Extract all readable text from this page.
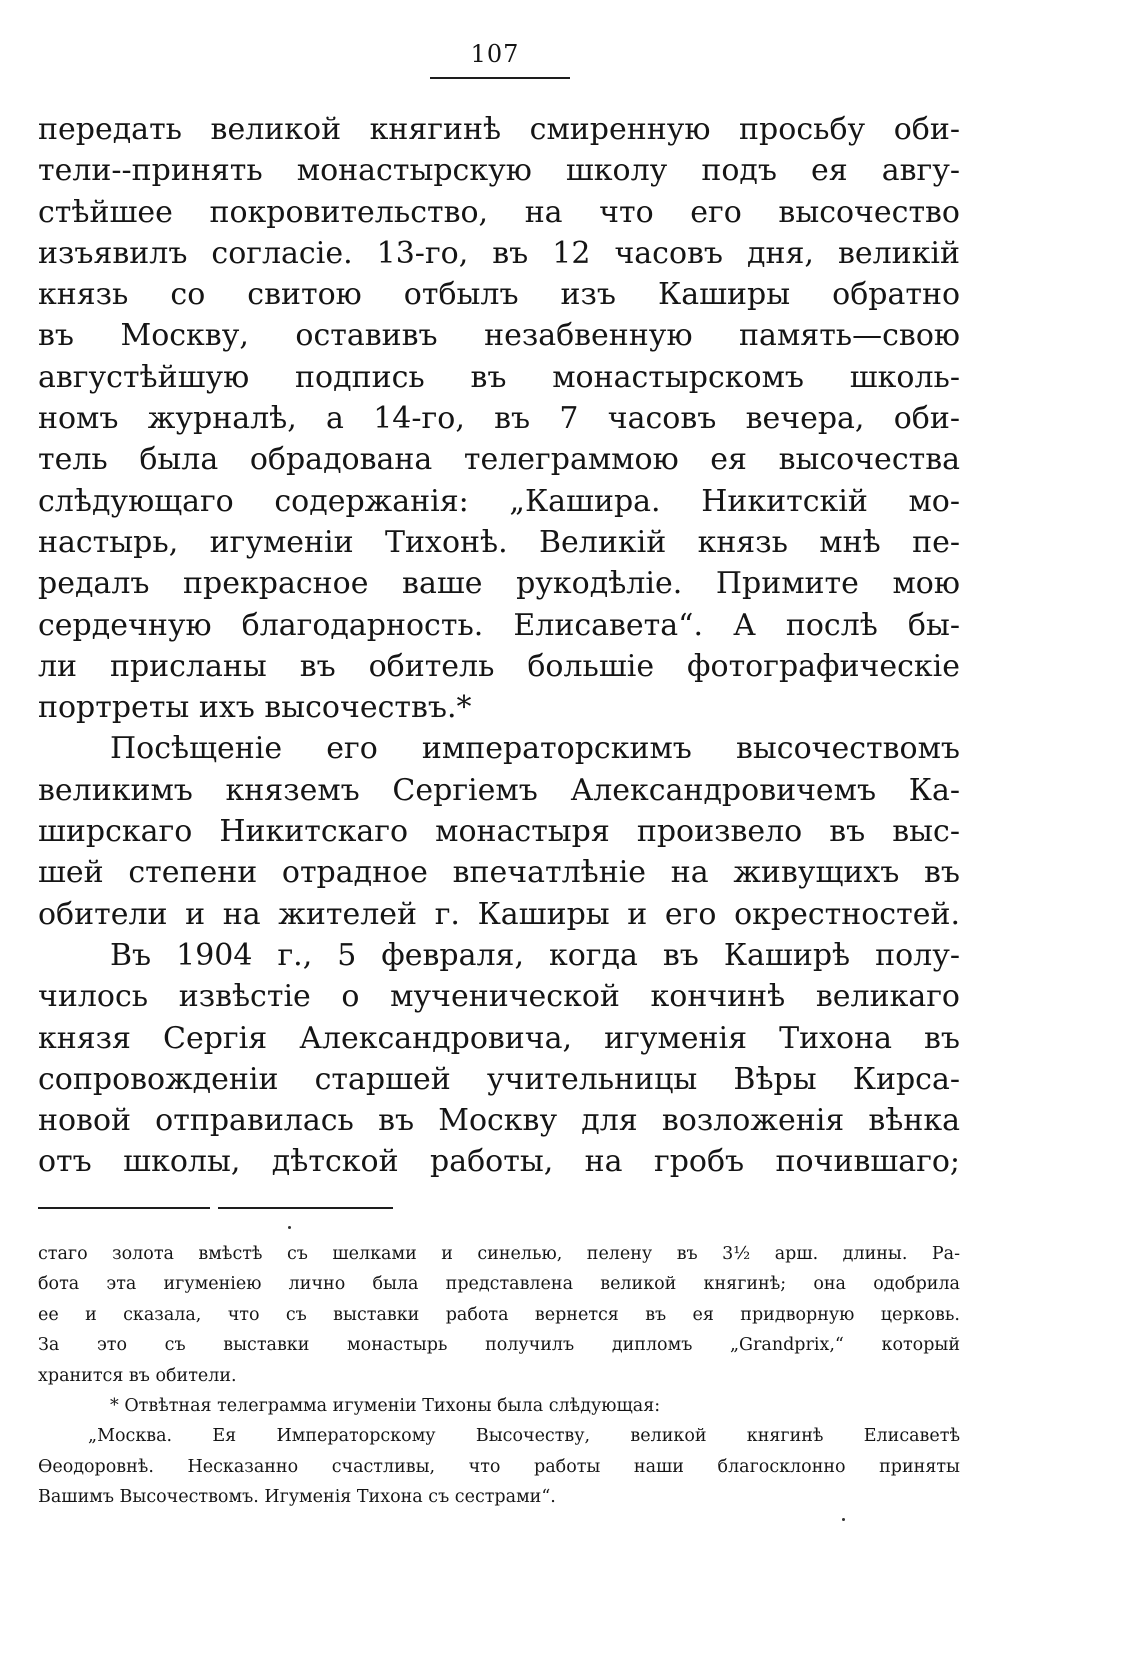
107
передать великой княгинѣ смиренную просьбу оби-
тели--принять монастырскую школу подъ ея авгу-
стѣйшее покровительство, на что его высочество
изъявилъ согласіе. 13-го, въ 12 часовъ дня, великій
князь со свитою отбылъ изъ Каширы обратно
въ Москву, оставивъ незабвенную память—свою
августѣйшую подпись въ монастырскомъ школь-
номъ журналѣ, а 14-го, въ 7 часовъ вечера, оби-
тель была обрадована телеграммою ея высочества
слѣдующаго содержанія: „Кашира. Никитскій мо-
настырь, игуменіи Тихонѣ. Великій князь мнѣ пе-
редалъ прекрасное ваше рукодѣліе. Примите мою
сердечную благодарность. Елисавета“. А послѣ бы-
ли присланы въ обитель большіе фотографическіе
портреты ихъ высочествъ.*
Посѣщеніе его императорскимъ высочествомъ
великимъ княземъ Сергіемъ Александровичемъ Ка-
ширскаго Никитскаго монастыря произвело въ выс-
шей степени отрадное впечатлѣніе на живущихъ въ
обители и на жителей г. Каширы и его окрестностей.
Въ 1904 г., 5 февраля, когда въ Каширѣ полу-
чилось извѣстіе о мученической кончинѣ великаго
князя Сергія Александровича, игуменія Тихона въ
сопровожденіи старшей учительницы Вѣры Кирса-
новой отправилась въ Москву для возложенія вѣнка
отъ школы, дѣтской работы, на гробъ почившаго;
стаго золота вмѣстѣ съ шелками и синелью, пелену въ 3½ арш. длины. Ра-
бота эта игуменіею лично была представлена великой княгинѣ; она одобрила
ее и сказала, что съ выставки работа вернется въ ея придворную церковь.
За это съ выставки монастырь получилъ дипломъ „Grandprix,“ который
хранится въ обители.
* Отвѣтная телеграмма игуменіи Тихоны была слѣдующая:
„Москва. Ея Императорскому Высочеству, великой княгинѣ Елисаветѣ
Өеодоровнѣ. Несказанно счастливы, что работы наши благосклонно приняты
Вашимъ Высочествомъ. Игуменія Тихона съ сестрами“.
